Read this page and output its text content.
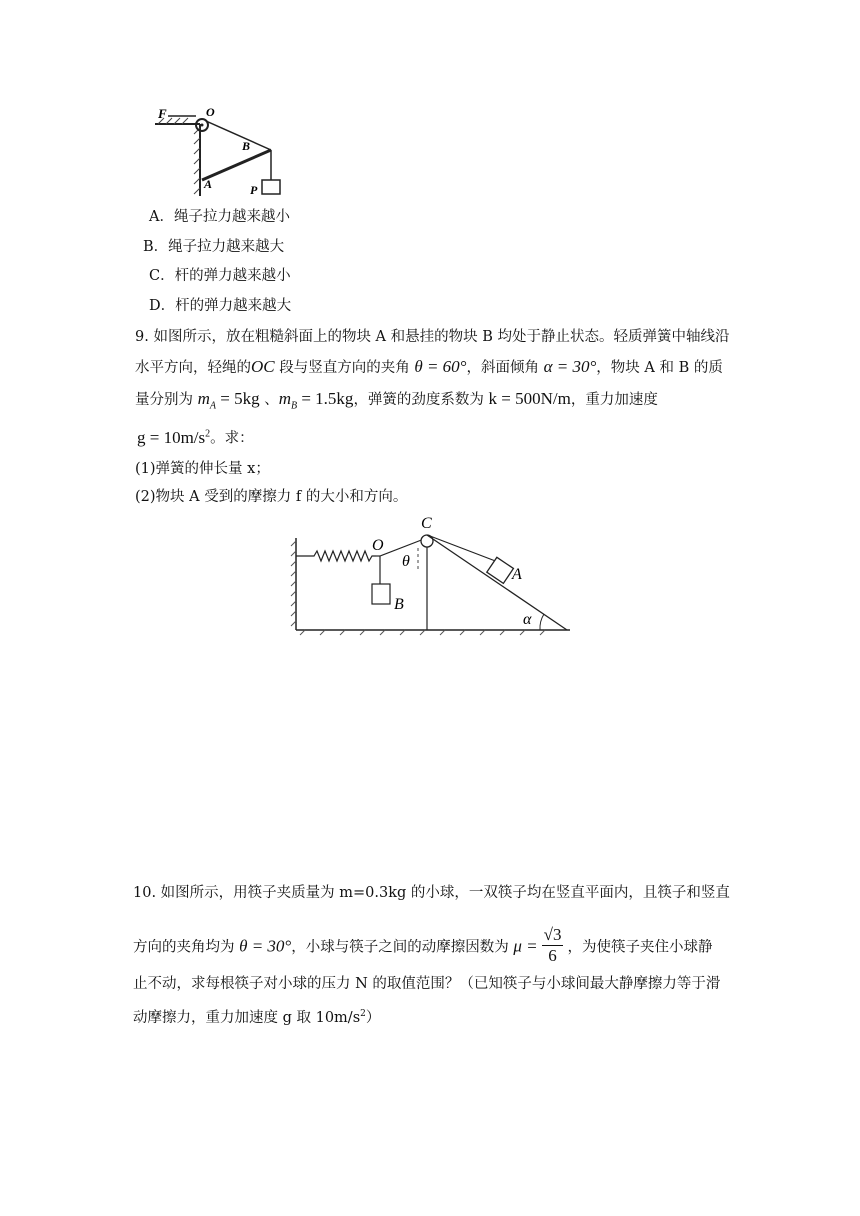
F	O
B
A	P
A．绳子拉力越来越小
B．绳子拉力越来越大
C．杆的弹力越来越小
D．杆的弹力越来越大
9. 如图所示，放在粗糙斜面上的物块 A 和悬挂的物块 B 均处于静止状态。轻质弹簧中轴线沿
水平方向，轻绳的OC 段与竖直方向的夹角 θ = 60°，斜面倾角 α = 30°，物块 A 和 B 的质
量分别为 $m_A = 5kg$ 、$m_B = 1.5kg$，弹簧的劲度系数为 k = 500N/m，重力加速度
$g = 10m/s^2$。求：
(1)弹簧的伸长量 x；
(2)物块 A 受到的摩擦力 f 的大小和方向。
O
C
θ
A
B
α
10. 如图所示，用筷子夹质量为 m=0.3kg 的小球，一双筷子均在竖直平面内，且筷子和竖直
方向的夹角均为 θ = 30°，小球与筷子之间的动摩擦因数为 $\mu = \frac{√3}{6}$ ，为使筷子夹住小球静
止不动，求每根筷子对小球的压力 N 的取值范围？（已知筷子与小球间最大静摩擦力等于滑
动摩擦力，重力加速度 g 取 $10m/s^2$）
